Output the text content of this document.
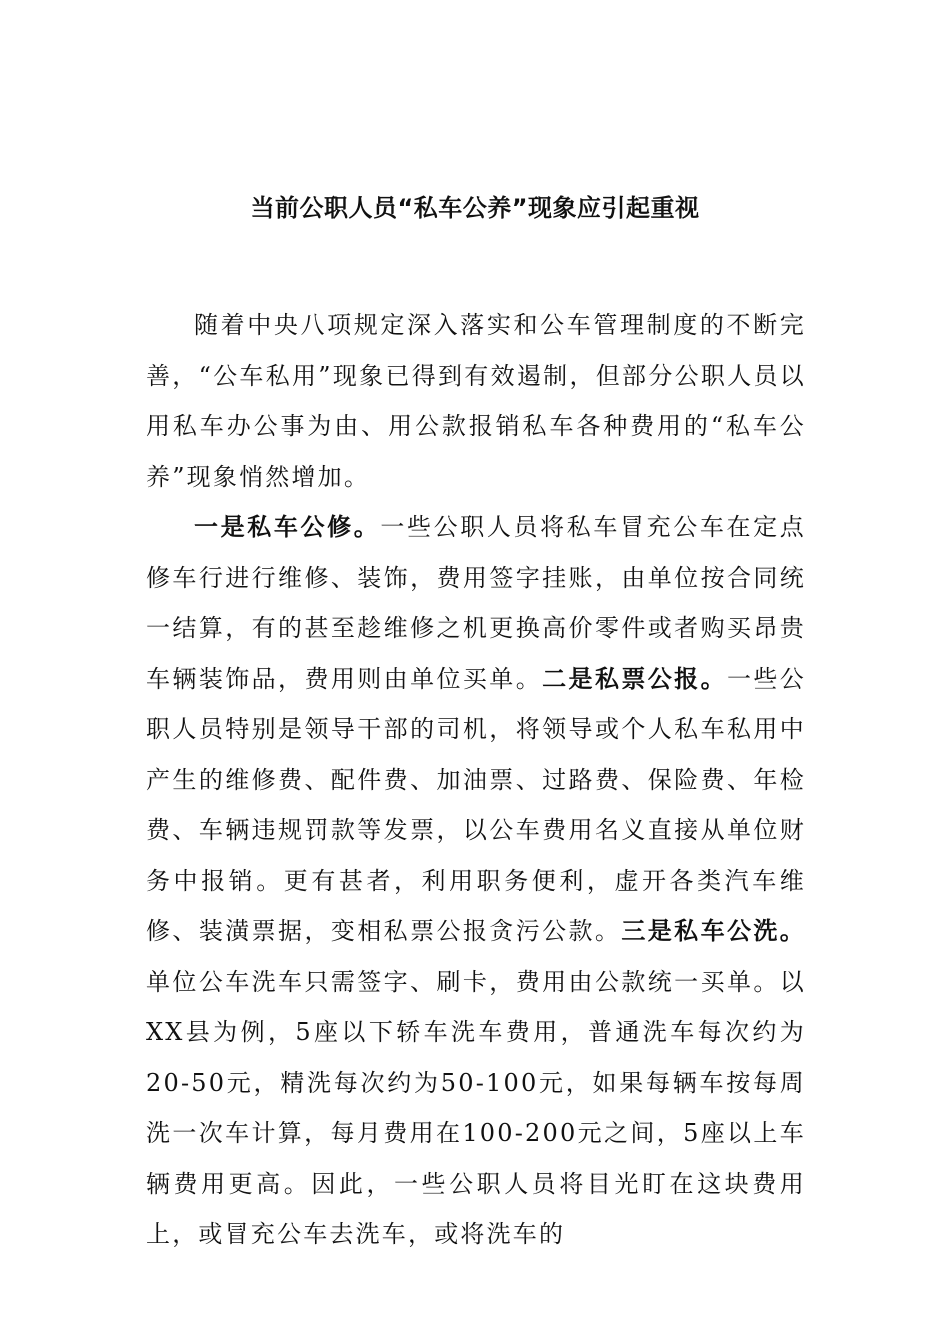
当前公职人员“私车公养”现象应引起重视

随着中央八项规定深入落实和公车管理制度的不断完善，“公车私用”现象已得到有效遏制，但部分公职人员以用私车办公事为由、用公款报销私车各种费用的“私车公养”现象悄然增加。

一是私车公修。一些公职人员将私车冒充公车在定点修车行进行维修、装饰，费用签字挂账，由单位按合同统一结算，有的甚至趁维修之机更换高价零件或者购买昂贵车辆装饰品，费用则由单位买单。二是私票公报。一些公职人员特别是领导干部的司机，将领导或个人私车私用中产生的维修费、配件费、加油票、过路费、保险费、年检费、车辆违规罚款等发票，以公车费用名义直接从单位财务中报销。更有甚者，利用职务便利，虚开各类汽车维修、装潢票据，变相私票公报贪污公款。三是私车公洗。单位公车洗车只需签字、刷卡，费用由公款统一买单。以XX县为例，5座以下轿车洗车费用，普通洗车每次约为20-50元，精洗每次约为50-100元，如果每辆车按每周洗一次车计算，每月费用在100-200元之间，5座以上车辆费用更高。因此，一些公职人员将目光盯在这块费用上，或冒充公车去洗车，或将洗车的
